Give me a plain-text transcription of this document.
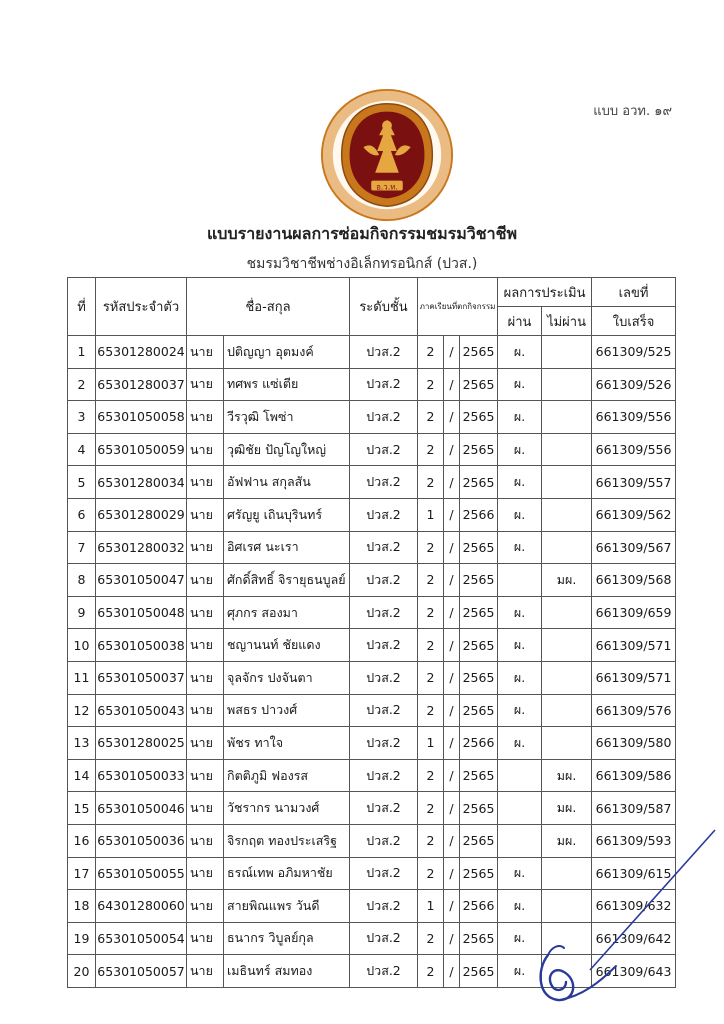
แบบ อวท. ๑๙
อ.ว.ท.
แบบรายงานผลการซ่อมกิจกรรมชมรมวิชาชีพ
ชมรมวิชาชีพช่างอิเล็กทรอนิกส์ (ปวส.)
ที่	รหัสประจำตัว	ชื่อ-สกุล		ระดับชั้น	ภาคเรียนที่ตกกิจกรรม			ผลการประเมิน		เลขที่
								ผ่าน	ไม่ผ่าน	ใบเสร็จ
1	65301280024	นาย	ปติญญา อุตมงค์	ปวส.2	2	/	2565	ผ.		661309/525
2	65301280037	นาย	ทศพร แซ่เตีย	ปวส.2	2	/	2565	ผ.		661309/526
3	65301050058	นาย	วีรวุฒิ โพซ่า	ปวส.2	2	/	2565	ผ.		661309/556
4	65301050059	นาย	วุฒิชัย ปัญโญใหญ่	ปวส.2	2	/	2565	ผ.		661309/556
5	65301280034	นาย	อัฟฟาน สกุลสัน	ปวส.2	2	/	2565	ผ.		661309/557
6	65301280029	นาย	ศรัญยู เถินบุรินทร์	ปวส.2	1	/	2566	ผ.		661309/562
7	65301280032	นาย	อิศเรศ นะเรา	ปวส.2	2	/	2565	ผ.		661309/567
8	65301050047	นาย	ศักดิ์สิทธิ์ จิรายุธนบูลย์	ปวส.2	2	/	2565		มผ.	661309/568
9	65301050048	นาย	ศุภกร สองมา	ปวส.2	2	/	2565	ผ.		661309/659
10	65301050038	นาย	ชญานนท์ ชัยแดง	ปวส.2	2	/	2565	ผ.		661309/571
11	65301050037	นาย	จุลจักร ปงจันตา	ปวส.2	2	/	2565	ผ.		661309/571
12	65301050043	นาย	พสธร ปาวงศ์	ปวส.2	2	/	2565	ผ.		661309/576
13	65301280025	นาย	พัชร ทาใจ	ปวส.2	1	/	2566	ผ.		661309/580
14	65301050033	นาย	กิตติภูมิ ฟองรส	ปวส.2	2	/	2565		มผ.	661309/586
15	65301050046	นาย	วัชรากร นามวงศ์	ปวส.2	2	/	2565		มผ.	661309/587
16	65301050036	นาย	จิรกฤต ทองประเสริฐ	ปวส.2	2	/	2565		มผ.	661309/593
17	65301050055	นาย	ธรณ์เทพ อภิมหาชัย	ปวส.2	2	/	2565	ผ.		661309/615
18	64301280060	นาย	สายพิณแพร วันดี	ปวส.2	1	/	2566	ผ.		661309/632
19	65301050054	นาย	ธนากร วิบูลย์กุล	ปวส.2	2	/	2565	ผ.		661309/642
20	65301050057	นาย	เมธินทร์ สมทอง	ปวส.2	2	/	2565	ผ.		661309/643
